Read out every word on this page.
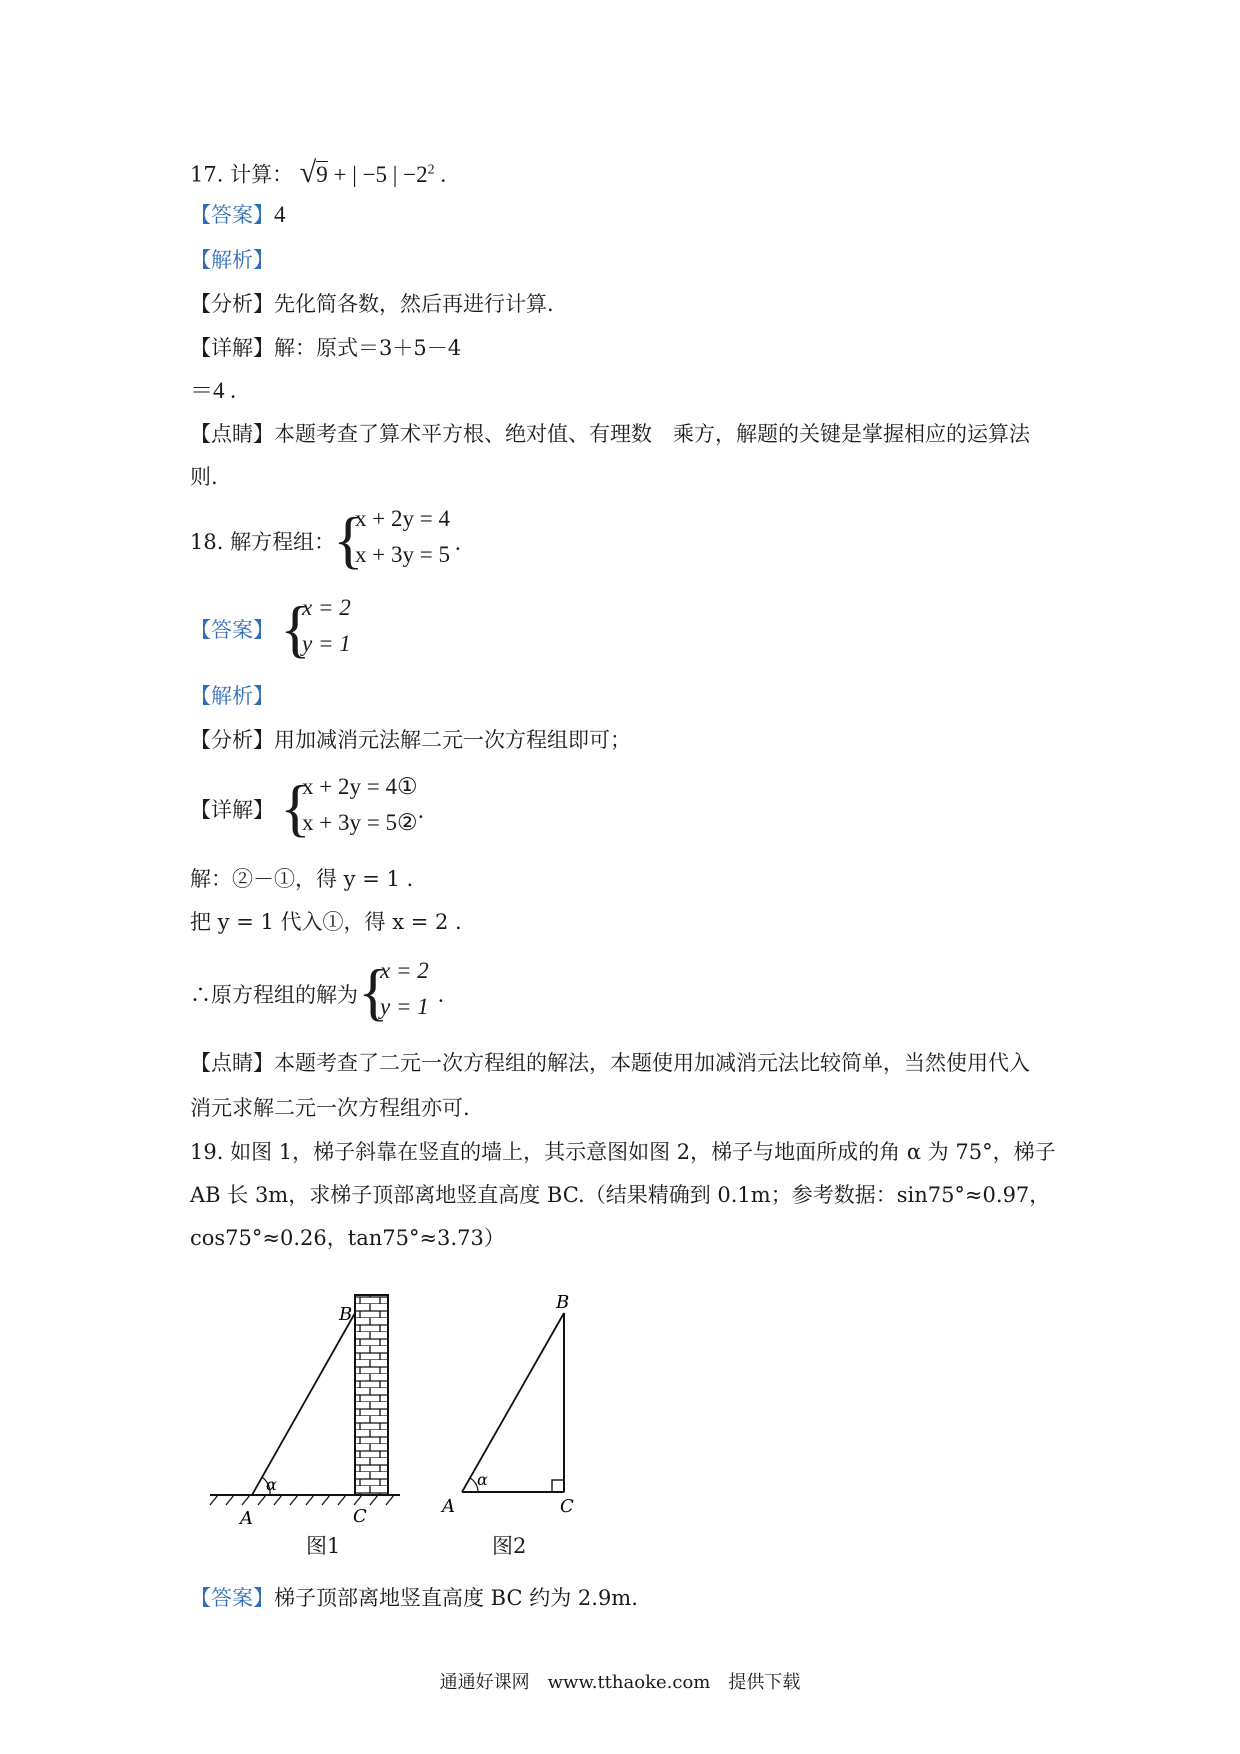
17. 计算： √9 + | −5 | $-2^2$ .
【答案】4
【解析】
【分析】先化简各数，然后再进行计算.
【详解】解：原式＝3＋5－4
＝4 .
【点睛】本题考查了算术平方根、绝对值、有理数　乘方，解题的关键是掌握相应的运算法
则.
18. 解方程组：
{
x + 2y = 4
x + 3y = 5 .
【答案】 {
x = 2
y = 1
【解析】
【分析】用加减消元法解二元一次方程组即可；
【详解】 {
x + 2y = 4①
x + 3y = 5② .
解：②－①，得 y = 1 .
把 y = 1 代入①，得 x = 2 .
∴原方程组的解为 {
x = 2
y = 1 .
【点睛】本题考查了二元一次方程组的解法，本题使用加减消元法比较简单，当然使用代入
消元求解二元一次方程组亦可.
19. 如图 1，梯子斜靠在竖直的墙上，其示意图如图 2，梯子与地面所成的角 α 为 75°，梯子
AB 长 3m，求梯子顶部离地竖直高度 BC.（结果精确到 0.1m；参考数据：sin75°≈0.97，
cos75°≈0.26，tan75°≈3.73）
α
A
B
C
图1
α
A
B
C
图2
【答案】梯子顶部离地竖直高度 BC 约为 2.9m.
通通好课网　www.tthaoke.com　提供下载
